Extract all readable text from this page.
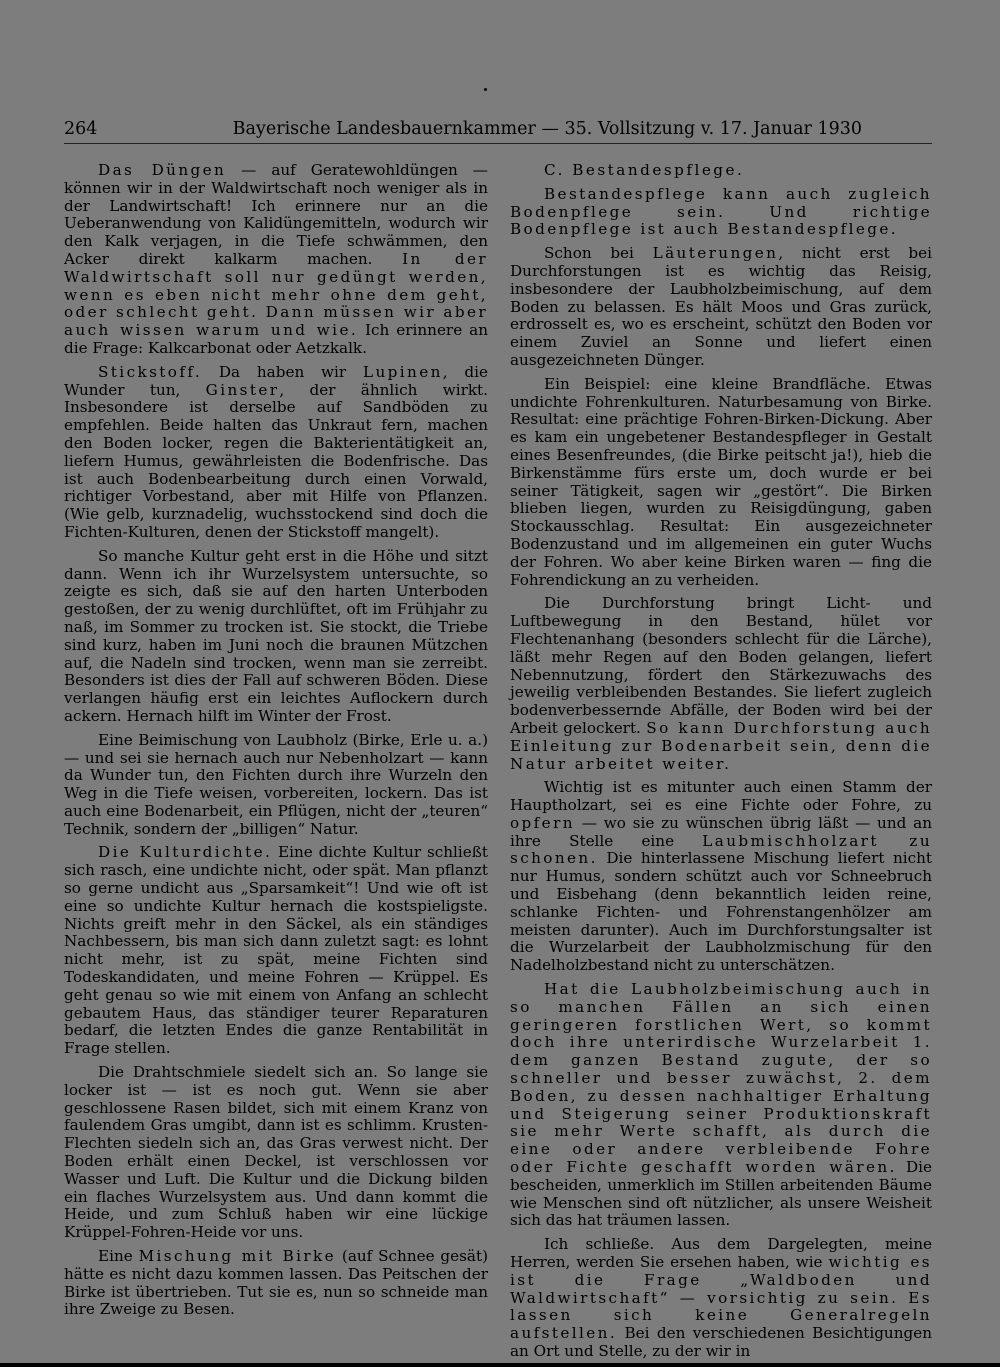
264	Bayerische Landesbauernkammer — 35. Vollsitzung v. 17. Januar 1930

Das Düngen — auf Geratewohldüngen — können wir in der Waldwirtschaft noch weniger als in der Landwirtschaft! Ich erinnere nur an die Ueberanwendung von Kalidüngemitteln, wodurch wir den Kalk verjagen, in die Tiefe schwämmen, den Acker direkt kalkarm machen. In der Waldwirtschaft soll nur gedüngt werden, wenn es eben nicht mehr ohne dem geht, oder schlecht geht. Dann müssen wir aber auch wissen warum und wie. Ich erinnere an die Frage: Kalkcarbonat oder Aetzkalk.

Stickstoff. Da haben wir Lupinen, die Wunder tun, Ginster, der ähnlich wirkt. Insbesondere ist derselbe auf Sandböden zu empfehlen. Beide halten das Unkraut fern, machen den Boden locker, regen die Bakterientätigkeit an, liefern Humus, gewährleisten die Bodenfrische. Das ist auch Bodenbearbeitung durch einen Vorwald, richtiger Vorbestand, aber mit Hilfe von Pflanzen. (Wie gelb, kurznadelig, wuchsstockend sind doch die Fichten-Kulturen, denen der Stickstoff mangelt).

So manche Kultur geht erst in die Höhe und sitzt dann. Wenn ich ihr Wurzelsystem untersuchte, so zeigte es sich, daß sie auf den harten Unterboden gestoßen, der zu wenig durchlüftet, oft im Frühjahr zu naß, im Sommer zu trocken ist. Sie stockt, die Triebe sind kurz, haben im Juni noch die braunen Mützchen auf, die Nadeln sind trocken, wenn man sie zerreibt. Besonders ist dies der Fall auf schweren Böden. Diese verlangen häufig erst ein leichtes Auflockern durch ackern. Hernach hilft im Winter der Frost.

Eine Beimischung von Laubholz (Birke, Erle u. a.) — und sei sie hernach auch nur Nebenholzart — kann da Wunder tun, den Fichten durch ihre Wurzeln den Weg in die Tiefe weisen, vorbereiten, lockern. Das ist auch eine Bodenarbeit, ein Pflügen, nicht der „teuren“ Technik, sondern der „billigen“ Natur.

Die Kulturdichte. Eine dichte Kultur schließt sich rasch, eine undichte nicht, oder spät. Man pflanzt so gerne undicht aus „Sparsamkeit“! Und wie oft ist eine so undichte Kultur hernach die kostspieligste. Nichts greift mehr in den Säckel, als ein ständiges Nachbessern, bis man sich dann zuletzt sagt: es lohnt nicht mehr, ist zu spät, meine Fichten sind Todeskandidaten, und meine Fohren — Krüppel. Es geht genau so wie mit einem von Anfang an schlecht gebautem Haus, das ständiger teurer Reparaturen bedarf, die letzten Endes die ganze Rentabilität in Frage stellen.

Die Drahtschmiele siedelt sich an. So lange sie locker ist — ist es noch gut. Wenn sie aber geschlossene Rasen bildet, sich mit einem Kranz von faulendem Gras umgibt, dann ist es schlimm. Krusten-Flechten siedeln sich an, das Gras verwest nicht. Der Boden erhält einen Deckel, ist verschlossen vor Wasser und Luft. Die Kultur und die Dickung bilden ein flaches Wurzelsystem aus. Und dann kommt die Heide, und zum Schluß haben wir eine lückige Krüppel-Fohren-Heide vor uns.

Eine Mischung mit Birke (auf Schnee gesät) hätte es nicht dazu kommen lassen. Das Peitschen der Birke ist übertrieben. Tut sie es, nun so schneide man ihre Zweige zu Besen.

C. Bestandespflege.

Bestandespflege kann auch zugleich Bodenpflege sein. Und richtige Bodenpflege ist auch Bestandespflege.

Schon bei Läuterungen, nicht erst bei Durchforstungen ist es wichtig das Reisig, insbesondere der Laubholzbeimischung, auf dem Boden zu belassen. Es hält Moos und Gras zurück, erdrosselt es, wo es erscheint, schützt den Boden vor einem Zuviel an Sonne und liefert einen ausgezeichneten Dünger.

Ein Beispiel: eine kleine Brandfläche. Etwas undichte Fohrenkulturen. Naturbesamung von Birke. Resultat: eine prächtige Fohren-Birken-Dickung. Aber es kam ein ungebetener Bestandespfleger in Gestalt eines Besenfreundes, (die Birke peitscht ja!), hieb die Birkenstämme fürs erste um, doch wurde er bei seiner Tätigkeit, sagen wir „gestört“. Die Birken blieben liegen, wurden zu Reisigdüngung, gaben Stockausschlag. Resultat: Ein ausgezeichneter Bodenzustand und im allgemeinen ein guter Wuchs der Fohren. Wo aber keine Birken waren — fing die Fohrendickung an zu verheiden.

Die Durchforstung bringt Licht- und Luftbewegung in den Bestand, hület vor Flechtenanhang (besonders schlecht für die Lärche), läßt mehr Regen auf den Boden gelangen, liefert Nebennutzung, fördert den Stärkezuwachs des jeweilig verbleibenden Bestandes. Sie liefert zugleich bodenverbessernde Abfälle, der Boden wird bei der Arbeit gelockert. So kann Durchforstung auch Einleitung zur Bodenarbeit sein, denn die Natur arbeitet weiter.

Wichtig ist es mitunter auch einen Stamm der Hauptholzart, sei es eine Fichte oder Fohre, zu opfern — wo sie zu wünschen übrig läßt — und an ihre Stelle eine Laubmischholzart zu schonen. Die hinterlassene Mischung liefert nicht nur Humus, sondern schützt auch vor Schneebruch und Eisbehang (denn bekanntlich leiden reine, schlanke Fichten- und Fohrenstangenhölzer am meisten darunter). Auch im Durchforstungsalter ist die Wurzelarbeit der Laubholzmischung für den Nadelholzbestand nicht zu unterschätzen.

Hat die Laubholzbeimischung auch in so manchen Fällen an sich einen geringeren forstlichen Wert, so kommt doch ihre unterirdische Wurzelarbeit 1. dem ganzen Bestand zugute, der so schneller und besser zuwächst, 2. dem Boden, zu dessen nachhaltiger Erhaltung und Steigerung seiner Produktionskraft sie mehr Werte schafft, als durch die eine oder andere verbleibende Fohre oder Fichte geschafft worden wären. Die bescheiden, unmerklich im Stillen arbeitenden Bäume wie Menschen sind oft nützlicher, als unsere Weisheit sich das hat träumen lassen.

Ich schließe. Aus dem Dargelegten, meine Herren, werden Sie ersehen haben, wie wichtig es ist die Frage „Waldboden und Waldwirtschaft“ — vorsichtig zu sein. Es lassen sich keine Generalregeln aufstellen. Bei den verschiedenen Besichtigungen an Ort und Stelle, zu der wir in
